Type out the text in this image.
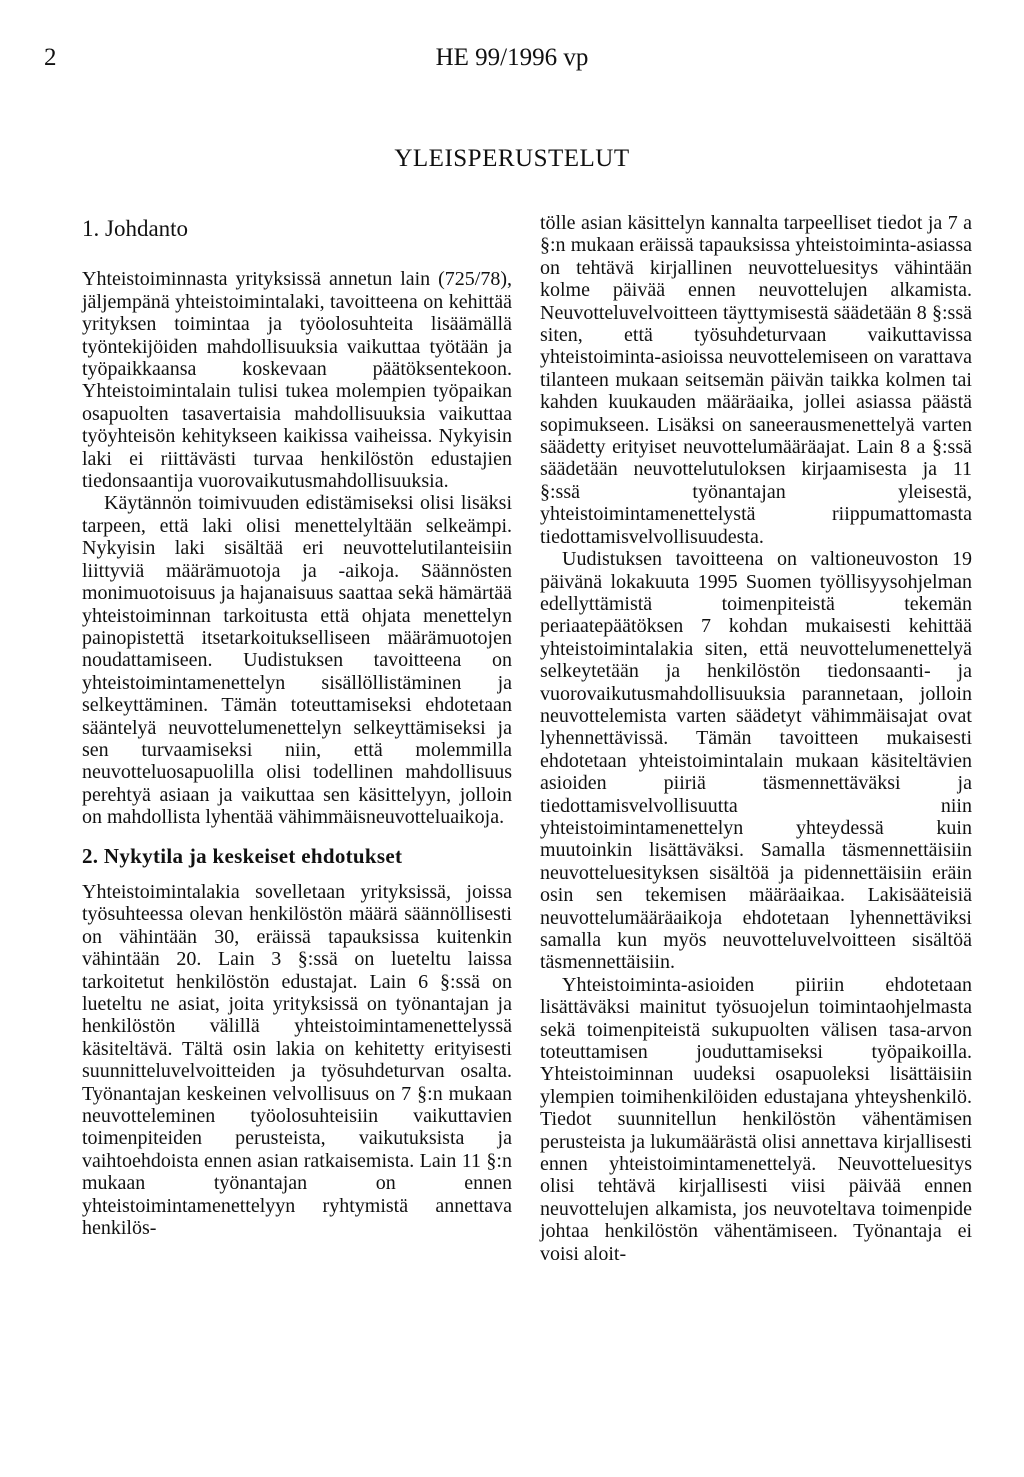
2	HE 99/1996 vp
YLEISPERUSTELUT
1. Johdanto

Yhteistoiminnasta yrityksissä annetun lain (725/78), jäljempänä yhteistoimintalaki, tavoitteena on kehittää yrityksen toimintaa ja työolosuhteita lisäämällä työntekijöiden mahdollisuuksia vaikuttaa työtään ja työpaikkaansa koskevaan päätöksentekoon. Yhteistoimintalain tulisi tukea molempien työpaikan osapuolten tasavertaisia mahdollisuuksia vaikuttaa työyhteisön kehitykseen kaikissa vaiheissa. Nykyisin laki ei riittävästi turvaa henkilöstön edustajien tiedonsaantija vuorovaikutusmahdollisuuksia.

Käytännön toimivuuden edistämiseksi olisi lisäksi tarpeen, että laki olisi menettelyltään selkeämpi. Nykyisin laki sisältää eri neuvottelutilanteisiin liittyviä määrämuotoja ja -aikoja. Säännösten monimuotoisuus ja hajanaisuus saattaa sekä hämärtää yhteistoiminnan tarkoitusta että ohjata menettelyn painopistettä itsetarkoitukselliseen määrämuotojen noudattamiseen. Uudistuksen tavoitteena on yhteistoimintamenettelyn sisällöllistäminen ja selkeyttäminen. Tämän toteuttamiseksi ehdotetaan sääntelyä neuvottelumenettelyn selkeyttämiseksi ja sen turvaamiseksi niin, että molemmilla neuvotteluosapuolilla olisi todellinen mahdollisuus perehtyä asiaan ja vaikuttaa sen käsittelyyn, jolloin on mahdollista lyhentää vähimmäisneuvotteluaikoja.

2. Nykytila ja keskeiset ehdotukset

Yhteistoimintalakia sovelletaan yrityksissä, joissa työsuhteessa olevan henkilöstön määrä säännöllisesti on vähintään 30, eräissä tapauksissa kuitenkin vähintään 20. Lain 3 §:ssä on lueteltu laissa tarkoitetut henkilöstön edustajat. Lain 6 §:ssä on lueteltu ne asiat, joita yrityksissä on työnantajan ja henkilöstön välillä yhteistoimintamenettelyssä käsiteltävä. Tältä osin lakia on kehitetty erityisesti suunnitteluvelvoitteiden ja työsuhdeturvan osalta. Työnantajan keskeinen velvollisuus on 7 §:n mukaan neuvotteleminen työolosuhteisiin vaikuttavien toimenpiteiden perusteista, vaikutuksista ja vaihtoehdoista ennen asian ratkaisemista. Lain 11 §:n mukaan työnantajan on ennen yhteistoimintamenettelyyn ryhtymistä annettava henkilös-

tölle asian käsittelyn kannalta tarpeelliset tiedot ja 7 a §:n mukaan eräissä tapauksissa yhteistoiminta-asiassa on tehtävä kirjallinen neuvotteluesitys vähintään kolme päivää ennen neuvottelujen alkamista. Neuvotteluvelvoitteen täyttymisestä säädetään 8 §:ssä siten, että työsuhdeturvaan vaikuttavissa yhteistoiminta-asioissa neuvottelemiseen on varattava tilanteen mukaan seitsemän päivän taikka kolmen tai kahden kuukauden määräaika, jollei asiassa päästä sopimukseen. Lisäksi on saneerausmenettelyä varten säädetty erityiset neuvottelumääräajat. Lain 8 a §:ssä säädetään neuvottelutuloksen kirjaamisesta ja 11 §:ssä työnantajan yleisestä, yhteistoimintamenettelystä riippumattomasta tiedottamisvelvollisuudesta.

Uudistuksen tavoitteena on valtioneuvoston 19 päivänä lokakuuta 1995 Suomen työllisyysohjelman edellyttämistä toimenpiteistä tekemän periaatepäätöksen 7 kohdan mukaisesti kehittää yhteistoimintalakia siten, että neuvottelumenettelyä selkeytetään ja henkilöstön tiedonsaanti- ja vuorovaikutusmahdollisuuksia parannetaan, jolloin neuvottelemista varten säädetyt vähimmäisajat ovat lyhennettävissä. Tämän tavoitteen mukaisesti ehdotetaan yhteistoimintalain mukaan käsiteltävien asioiden piiriä täsmennettäväksi ja tiedottamisvelvollisuutta niin yhteistoimintamenettelyn yhteydessä kuin muutoinkin lisättäväksi. Samalla täsmennettäisiin neuvotteluesityksen sisältöä ja pidennettäisiin eräin osin sen tekemisen määräaikaa. Lakisääteisiä neuvottelumääräaikoja ehdotetaan lyhennettäviksi samalla kun myös neuvotteluvelvoitteen sisältöä täsmennettäisiin.

Yhteistoiminta-asioiden piiriin ehdotetaan lisättäväksi mainitut työsuojelun toimintaohjelmasta sekä toimenpiteistä sukupuolten välisen tasa-arvon toteuttamisen jouduttamiseksi työpaikoilla. Yhteistoiminnan uudeksi osapuoleksi lisättäisiin ylempien toimihenkilöiden edustajana yhteyshenkilö. Tiedot suunnitellun henkilöstön vähentämisen perusteista ja lukumäärästä olisi annettava kirjallisesti ennen yhteistoimintamenettelyä. Neuvotteluesitys olisi tehtävä kirjallisesti viisi päivää ennen neuvottelujen alkamista, jos neuvoteltava toimenpide johtaa henkilöstön vähentämiseen. Työnantaja ei voisi aloit-
